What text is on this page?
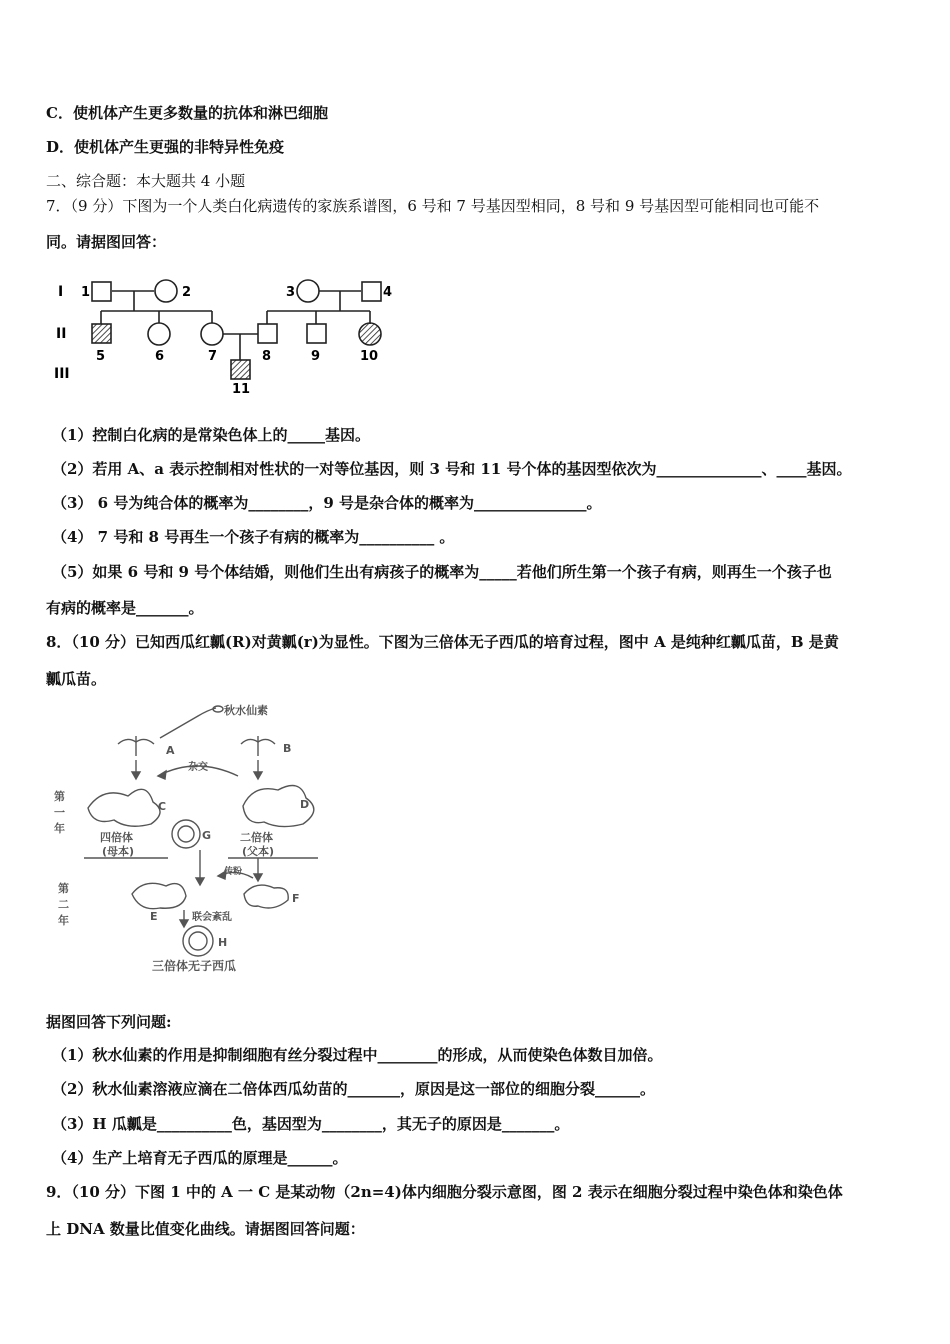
C．使机体产生更多数量的抗体和淋巴细胞

D．使机体产生更强的非特异性免疫

二、综合题：本大题共 4 小题

7．（9 分）下图为一个人类白化病遗传的家族系谱图，6 号和 7 号基因型相同，8 号和 9 号基因型可能相同也可能不

同。请据图回答：

I
II
III
1	2	3	4
5	6	7	8	9	10
11

（1）控制白化病的是常染色体上的_____基因。

（2）若用 A、a 表示控制相对性状的一对等位基因，则 3 号和 11 号个体的基因型依次为______________、____基因。

（3） 6 号为纯合体的概率为________，9 号是杂合体的概率为_______________。

（4） 7 号和 8 号再生一个孩子有病的概率为__________ 。

（5）如果 6 号和 9 号个体结婚，则他们生出有病孩子的概率为_____若他们所生第一个孩子有病，则再生一个孩子也

有病的概率是_______。

8．（10 分）已知西瓜红瓤(R)对黄瓤(r)为显性。下图为三倍体无子西瓜的培育过程，图中 A 是纯种红瓤瓜苗，B 是黄

瓤瓜苗。

秋水仙素
A	B
杂交
C	D
G
四倍体
(母本)
二倍体
(父本)
第
一
年
第
二
年
传粉
E
F
联会紊乱
H
三倍体无子西瓜

据图回答下列问题:

（1）秋水仙素的作用是抑制细胞有丝分裂过程中________的形成，从而使染色体数目加倍。

（2）秋水仙素溶液应滴在二倍体西瓜幼苗的_______，原因是这一部位的细胞分裂______。

（3）H 瓜瓤是__________色，基因型为________，其无子的原因是_______。

（4）生产上培育无子西瓜的原理是______。

9．（10 分）下图 1 中的 A 一 C 是某动物（2n=4)体内细胞分裂示意图，图 2 表示在细胞分裂过程中染色体和染色体

上 DNA 数量比值变化曲线。请据图回答问题：
